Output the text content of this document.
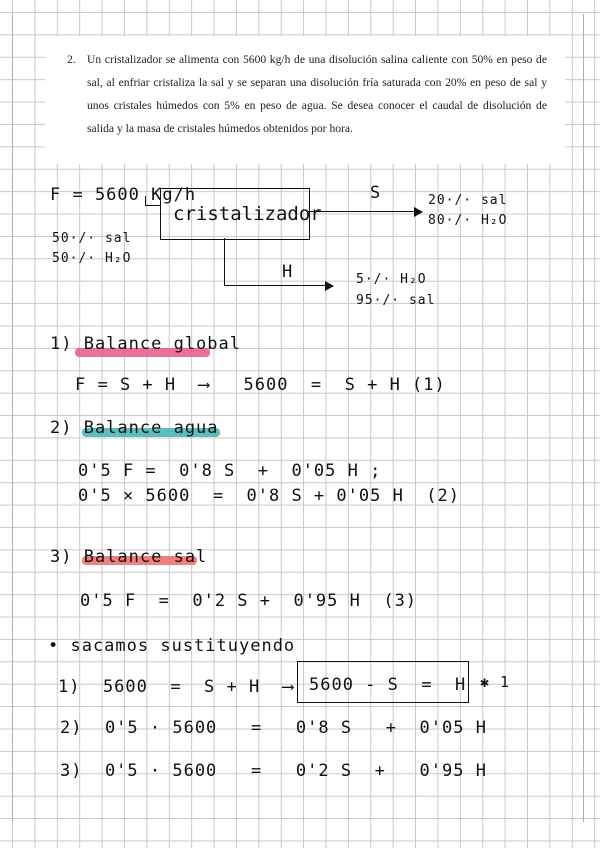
2. Un cristalizador se alimenta con 5600 kg/h de una disolución salina caliente con 50% en peso de sal, al enfriar cristaliza la sal y se separan una disolución fría saturada con 20% en peso de sal y unos cristales húmedos con 5% en peso de agua. Se desea conocer el caudal de disolución de salida y la masa de cristales húmedos obtenidos por hora.
F = 5600 Kg/h
50·/· sal
50·/· H₂O
cristalizador
S	20·/· sal
80·/· H₂O
H	5·/· H₂O
95·/· sal
1) Balance global
F = S + H  ⟶   5600  =  S + H (1)
2) Balance agua
0'5 F =  0'8 S  +  0'05 H ;
0'5 × 5600  =  0'8 S + 0'05 H  (2)
3) Balance sal
0'5 F  =  0'2 S +  0'95 H  (3)
• sacamos sustituyendo
1)  5600  =  S + H  ⟶ 5600 - S  =  H ✱ 1
2)  0'5 · 5600   =   0'8 S   +  0'05 H
3)  0'5 · 5600   =   0'2 S  +   0'95 H
